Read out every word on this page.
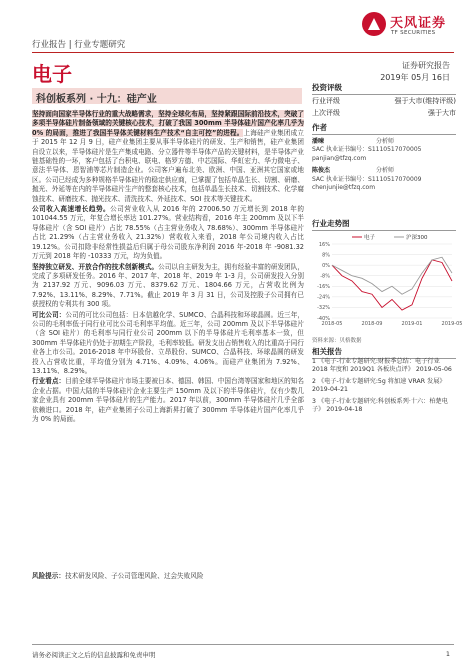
行业报告 | 行业专题研究
天风证券
TF SECURITIES
电子	证券研究报告
2019年 05月 16日
科创板系列 · 十九：硅产业

坚持面向国家半导体行业的重大战略需求，坚持全球化布局，坚持紧跟国际前沿技术，突破了多项半导体硅片制备领域的关键核心技术，打破了我国 300mm 半导体硅片国产化率几乎为 0% 的局面，推进了我国半导体关键材料生产技术“自主可控”的进程。上海硅产业集团成立于 2015 年 12 月 9 日，硅产业集团主要从事半导体硅片的研发、生产和销售，硅产业集团自设立以来，半导体硅片是生产集成电路、分立器件等半导体产品的关键材料，是半导体产业链基础性的一环，客户包括了台积电、联电、格罗方德、中芯国际、华虹宏力、华力微电子、意法半导体、恩智浦等芯片制造企业。公司客户遍布北美、欧洲、中国、亚洲其它国家或地区。公司已经成为多种规格半导体硅片的稳定供应商，已掌握了包括单晶生长、切割、研磨、抛光、外延等在内的半导体硅片生产的整套核心技术，包括单晶生长技术、切割技术、化学腐蚀技术、研磨技术、抛光技术、清洗技术、外延技术、SOI 技术等关键技术。

公司收入高速增长趋势。公司营业收入从 2016 年的 27006.50 万元增长到 2018 年的 101044.55 万元，年复合增长率达 101.27%。营业结构看，2016 年主 200mm 及以下半导体硅片（含 SOI 硅片）占比 78.55%（占主营业务收入 78.68%）、300mm 半导体硅片占比 21.29%（占主营业务收入 21.32%）营收收入来看，2018 年公司境内收入占比 19.12%。公司扣除非经常性损益后归属于母公司股东净利润 2016 年-2018 年 -9081.32 万元到 2018 年的 -10333 万元，均为负值。

坚持独立研发、开放合作的技术创新模式。公司以自主研发为主，拥有经验丰富的研发团队，完成了多项研发任务。2016 年、2017 年、2018 年、2019 年 1-3 月，公司研发投入分别为 2137.92 万元、9096.03 万元、8379.62 万元、1804.66 万元，占营收比例为 7.92%、13.11%、8.29%、7.71%。截止 2019 年 3 月 31 日，公司及控股子公司拥有已获授权的专利共有 300 项。

可比公司：公司的可比公司包括：日本信越化学、SUMCO、合晶科技和环球晶圆。近三年，公司的毛利率低于同行业可比公司毛利率平均值。近三年，公司 200mm 及以下半导体硅片（含 SOI 硅片）的毛利率与同行业公司 200mm 以下的半导体硅片毛利率基本一致，但 300mm 半导体硅片仍处于初期生产阶段，毛利率较低。研发支出占销售收入的比重高于同行业各上市公司。2016-2018 年中环股份、立昂股份、SUMCO、合晶科技、环球晶圆的研发投入占营收比重，平均值分别为 4.71%、4.09%、4.06%。而硅产业集团为 7.92%、13.11%、8.29%。

行业看点：目前全球半导体硅片市场主要被日本、德国、韩国、中国台湾等国家和地区的知名企业占据。中国大陆的半导体硅片企业主要生产 150mm 及以下的半导体硅片，仅有少数几家企业具有 200mm 半导体硅片的生产能力。2017 年以前，300mm 半导体硅片几乎全部依赖进口。2018 年，硅产业集团子公司上海新昇打破了 300mm 半导体硅片国产化率几乎为 0% 的局面。

风险提示：技术研发风险、子公司管理风险、过会失败风险
投资评级
行业评级	强于大市(维持评级)
上次评级	强于大市
作者
潘暕	分析师
SAC 执业证书编号：S1110517070005
panjian@tfzq.com
陈俊杰	分析师
SAC 执业证书编号：S1110517070009
chenjunjie@tfzq.com
行业走势图
16%
8%
0%
-8%
-16%
-24%
-32%
-40%
2018-05	2018-09	2019-01	2019-05
电子	沪深300
资料来源：贝格数据
相关报告
1 《电子-行业专题研究:财报季总结：电子行业 2018 年度和 2019Q1 各板块点评》 2019-05-06
2 《电子-行业专题研究:5g 将加速 VRAR 发展》 2019-04-21
3 《电子-行业专题研究:科创板系列·十六：柏楚电子》 2019-04-18
请务必阅读正文之后的信息披露和免责申明	1
